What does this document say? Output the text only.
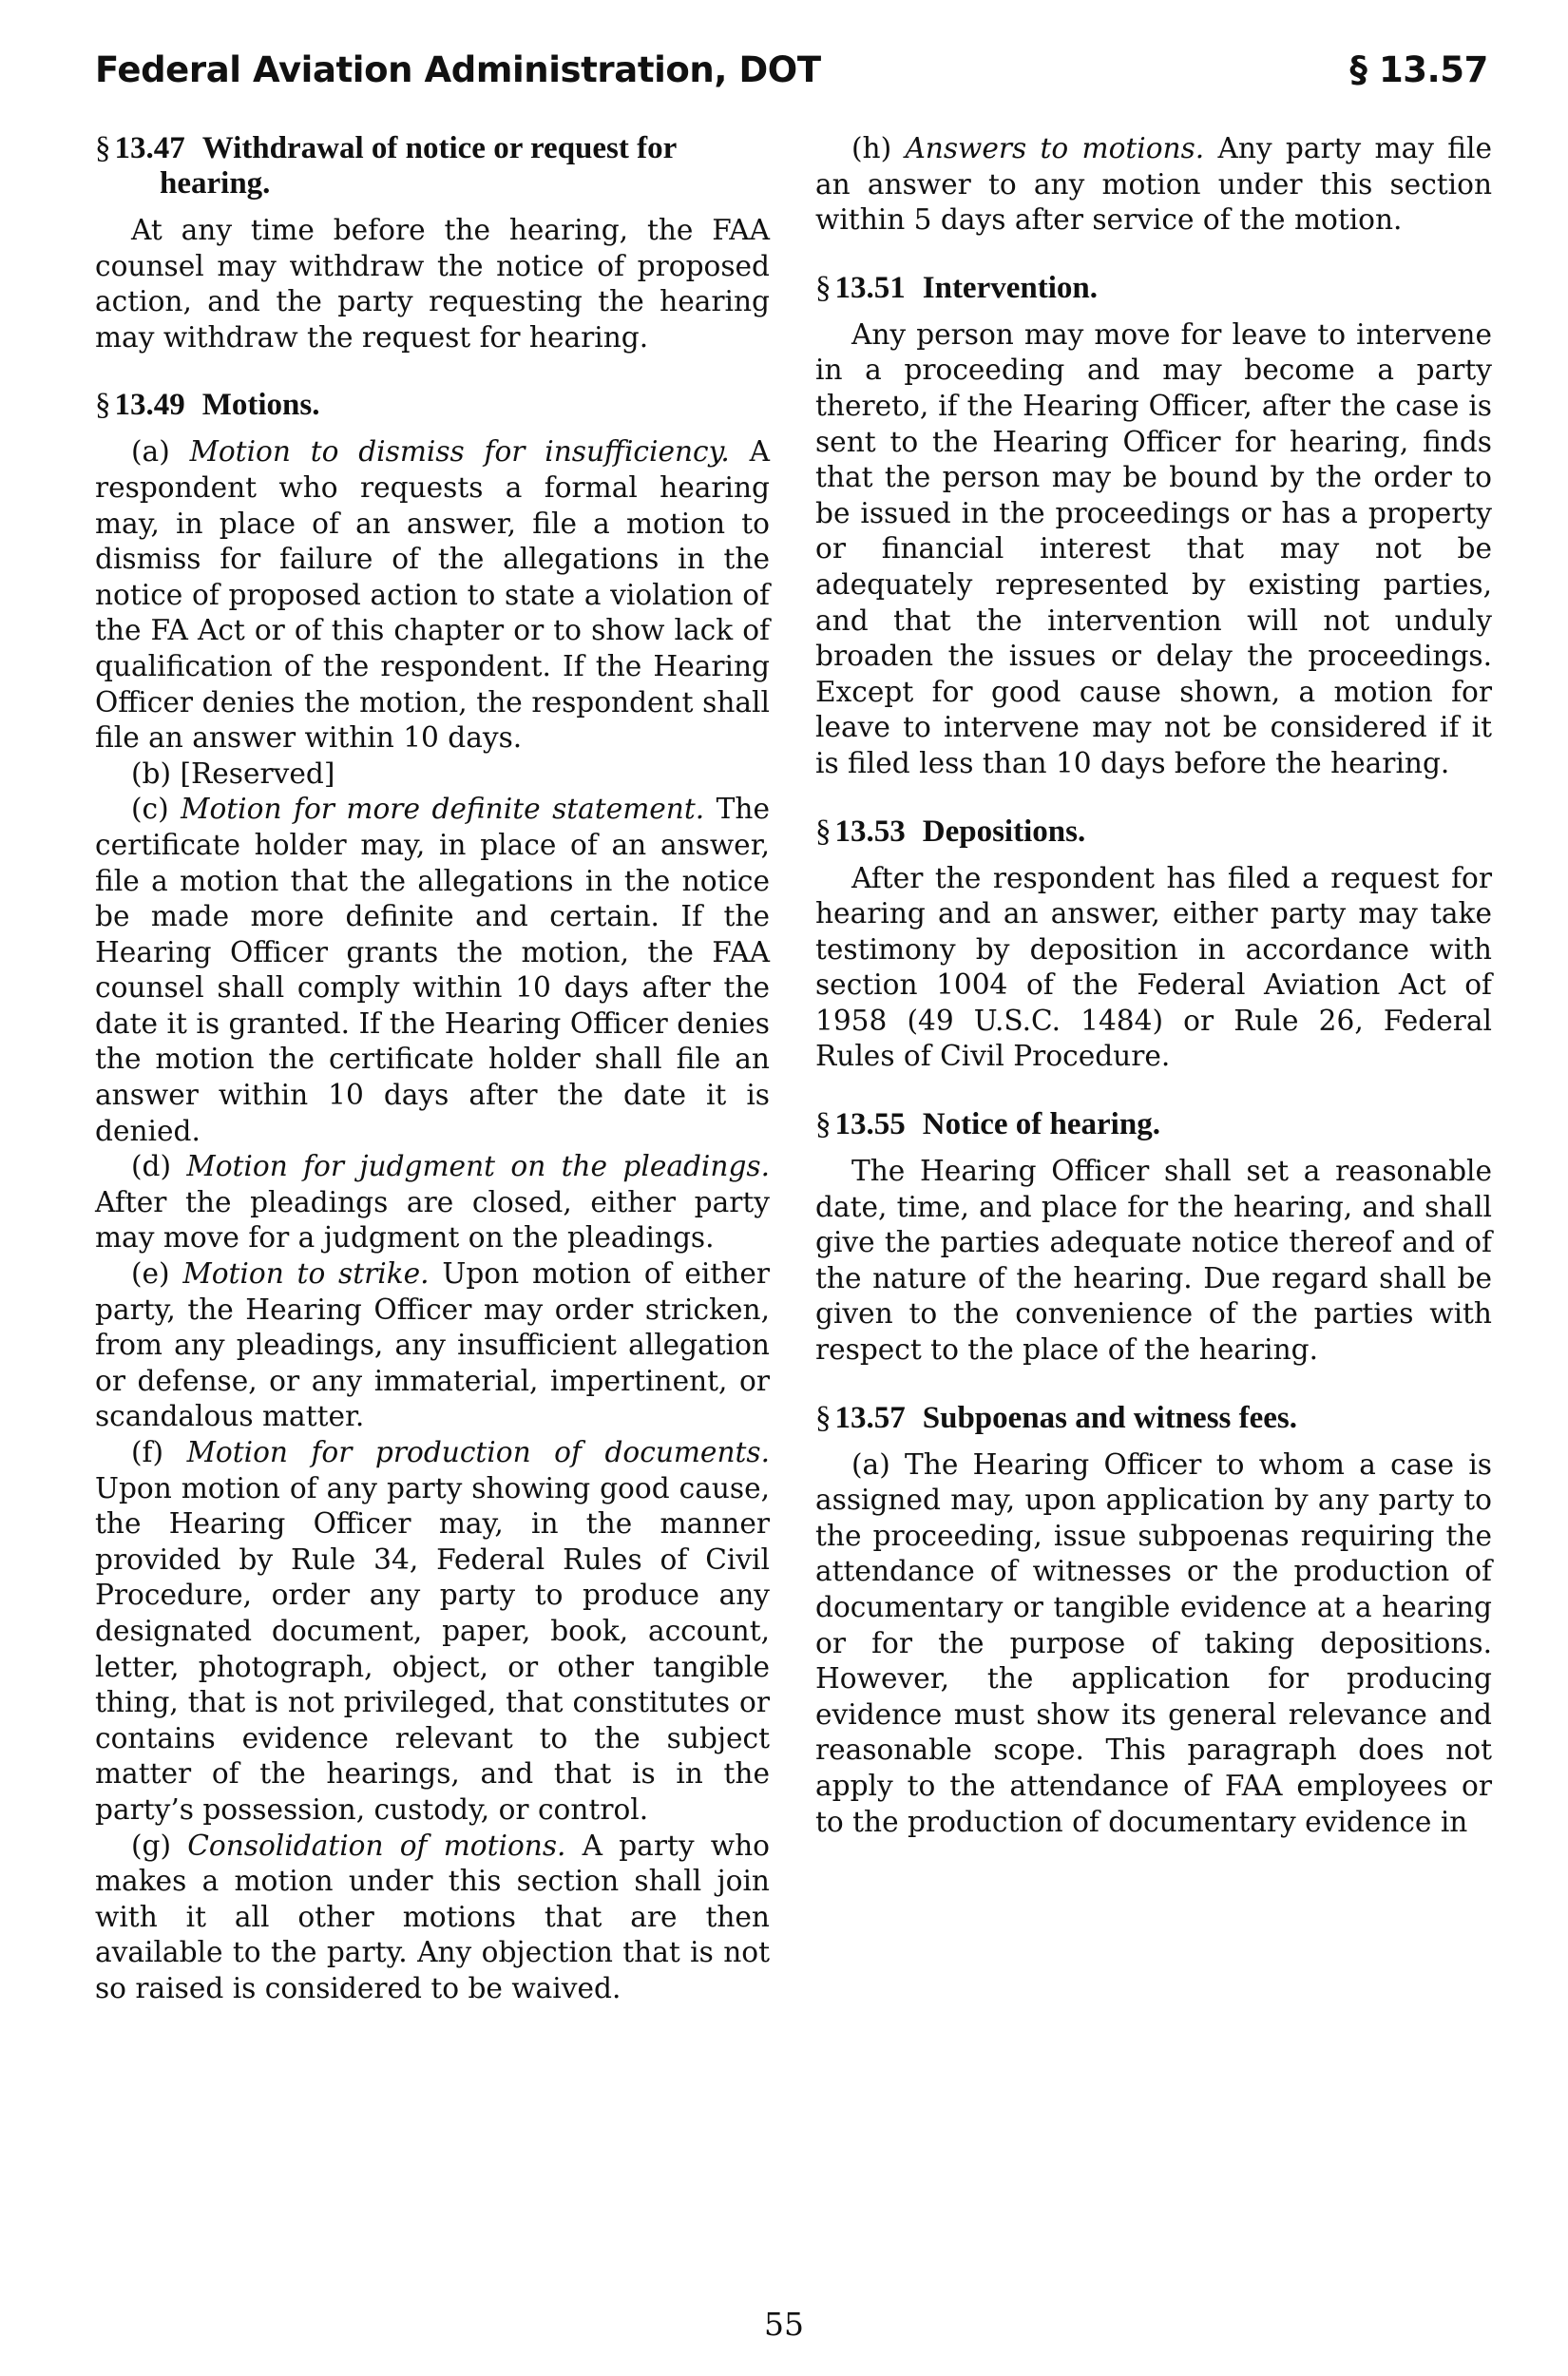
Federal Aviation Administration, DOT	§ 13.57
§ 13.47 Withdrawal of notice or request for hearing.

At any time before the hearing, the FAA counsel may withdraw the notice of proposed action, and the party requesting the hearing may withdraw the request for hearing.

§ 13.49 Motions.

(a) Motion to dismiss for insufficiency. A respondent who requests a formal hearing may, in place of an answer, file a motion to dismiss for failure of the allegations in the notice of proposed action to state a violation of the FA Act or of this chapter or to show lack of qualification of the respondent. If the Hearing Officer denies the motion, the respondent shall file an answer within 10 days.

(b) [Reserved]

(c) Motion for more definite statement. The certificate holder may, in place of an answer, file a motion that the allegations in the notice be made more definite and certain. If the Hearing Officer grants the motion, the FAA counsel shall comply within 10 days after the date it is granted. If the Hearing Officer denies the motion the certificate holder shall file an answer within 10 days after the date it is denied.

(d) Motion for judgment on the pleadings. After the pleadings are closed, either party may move for a judgment on the pleadings.

(e) Motion to strike. Upon motion of either party, the Hearing Officer may order stricken, from any pleadings, any insufficient allegation or defense, or any immaterial, impertinent, or scandalous matter.

(f) Motion for production of documents. Upon motion of any party showing good cause, the Hearing Officer may, in the manner provided by Rule 34, Federal Rules of Civil Procedure, order any party to produce any designated document, paper, book, account, letter, photograph, object, or other tangible thing, that is not privileged, that constitutes or contains evidence relevant to the subject matter of the hearings, and that is in the party’s possession, custody, or control.

(g) Consolidation of motions. A party who makes a motion under this section shall join with it all other motions that are then available to the party. Any objection that is not so raised is considered to be waived.

(h) Answers to motions. Any party may file an answer to any motion under this section within 5 days after service of the motion.

§ 13.51 Intervention.

Any person may move for leave to intervene in a proceeding and may become a party thereto, if the Hearing Officer, after the case is sent to the Hearing Officer for hearing, finds that the person may be bound by the order to be issued in the proceedings or has a property or financial interest that may not be adequately represented by existing parties, and that the intervention will not unduly broaden the issues or delay the proceedings. Except for good cause shown, a motion for leave to intervene may not be considered if it is filed less than 10 days before the hearing.

§ 13.53 Depositions.

After the respondent has filed a request for hearing and an answer, either party may take testimony by deposition in accordance with section 1004 of the Federal Aviation Act of 1958 (49 U.S.C. 1484) or Rule 26, Federal Rules of Civil Procedure.

§ 13.55 Notice of hearing.

The Hearing Officer shall set a reasonable date, time, and place for the hearing, and shall give the parties adequate notice thereof and of the nature of the hearing. Due regard shall be given to the convenience of the parties with respect to the place of the hearing.

§ 13.57 Subpoenas and witness fees.

(a) The Hearing Officer to whom a case is assigned may, upon application by any party to the proceeding, issue subpoenas requiring the attendance of witnesses or the production of documentary or tangible evidence at a hearing or for the purpose of taking depositions. However, the application for producing evidence must show its general relevance and reasonable scope. This paragraph does not apply to the attendance of FAA employees or to the production of documentary evidence in

55
